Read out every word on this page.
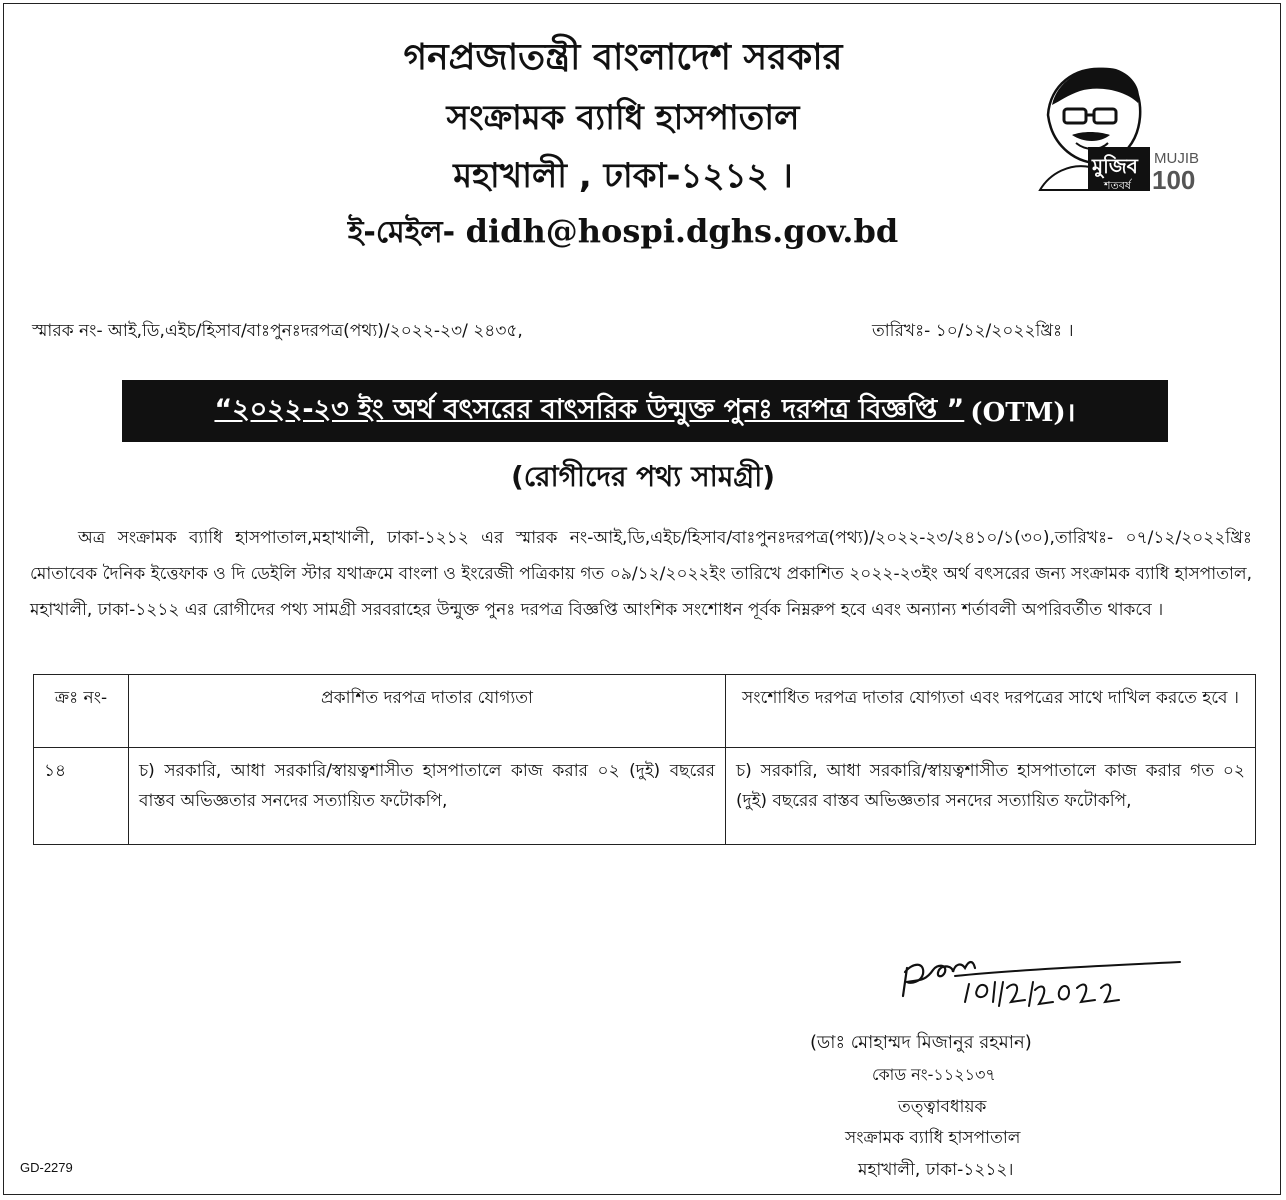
গনপ্রজাতন্ত্রী বাংলাদেশ সরকার
সংক্রামক ব্যাধি হাসপাতাল
মহাখালী , ঢাকা-১২১২ ।
ই-মেইল- didh@hospi.dghs.gov.bd
মুজিব
শতবর্ষ
MUJIB
100
স্মারক নং- আই,ডি,এইচ/হিসাব/বাঃপুনঃদরপত্র(পথ্য)/২০২২-২৩/ ২৪৩৫,	তারিখঃ- ১০/১২/২০২২খ্রিঃ ।
“২০২২-২৩ ইং অর্থ বৎসরের বাৎসরিক উন্মুক্ত পুনঃ দরপত্র বিজ্ঞপ্তি ” (OTM)।
(রোগীদের পথ্য সামগ্রী)
অত্র সংক্রামক ব্যাধি হাসপাতাল,মহাখালী, ঢাকা-১২১২ এর স্মারক নং-আই,ডি,এইচ/হিসাব/বাঃপুনঃদরপত্র(পথ্য)/২০২২-২৩/২৪১০/১(৩০),তারিখঃ- ০৭/১২/২০২২খ্রিঃ মোতাবেক দৈনিক ইত্তেফাক ও দি ডেইলি স্টার যথাক্রমে বাংলা ও ইংরেজী পত্রিকায় গত ০৯/১২/২০২২ইং তারিখে প্রকাশিত ২০২২-২৩ইং অর্থ বৎসরের জন্য সংক্রামক ব্যাধি হাসপাতাল, মহাখালী, ঢাকা-১২১২ এর রোগীদের পথ্য সামগ্রী সরবরাহের উন্মুক্ত পুনঃ দরপত্র বিজ্ঞপ্তি আংশিক সংশোধন পূর্বক নিম্নরুপ হবে এবং অন্যান্য শর্তাবলী অপরিবর্তীত থাকবে ।
ক্রঃ নং-	প্রকাশিত দরপত্র দাতার যোগ্যতা	সংশোধিত দরপত্র দাতার যোগ্যতা এবং দরপত্রের সাথে দাখিল করতে হবে ।
১৪	চ) সরকারি, আধা সরকারি/স্বায়ত্বশাসীত হাসপাতালে কাজ করার ০২ (দুই) বছরের বাস্তব অভিজ্ঞতার সনদের সত্যায়িত ফটোকপি,	চ) সরকারি, আধা সরকারি/স্বায়ত্বশাসীত হাসপাতালে কাজ করার গত ০২ (দুই) বছরের বাস্তব অভিজ্ঞতার সনদের সত্যায়িত ফটোকপি,
(ডাঃ মোহাম্মদ মিজানুর রহমান)
কোড নং-১১২১৩৭
তত্ত্বাবধায়ক
সংক্রামক ব্যাধি হাসপাতাল
মহাখালী, ঢাকা-১২১২।
GD-2279
